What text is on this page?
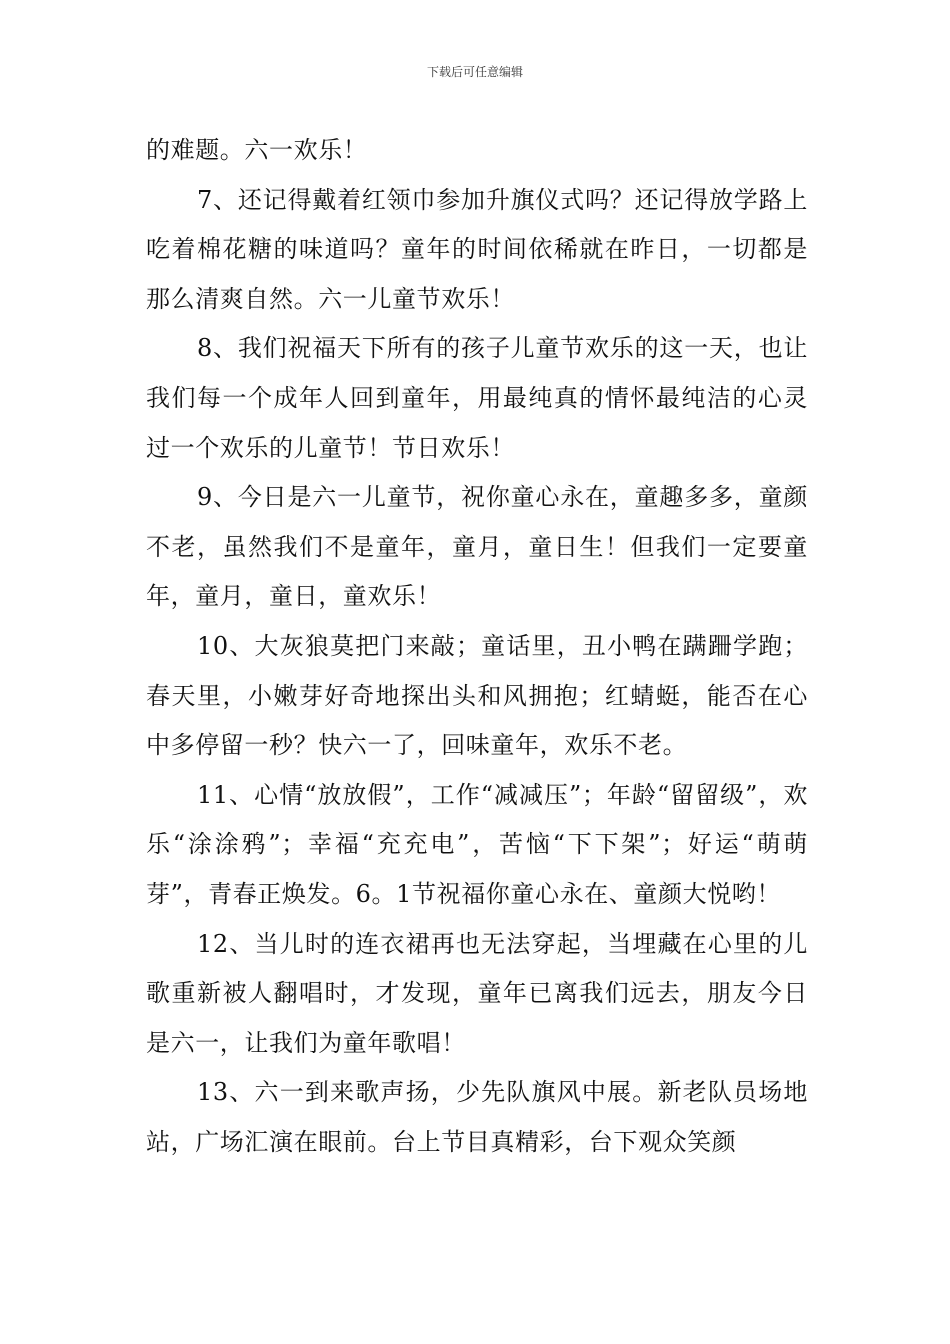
下载后可任意编辑

的难题。六一欢乐！

7、还记得戴着红领巾参加升旗仪式吗？还记得放学路上吃着棉花糖的味道吗？童年的时间依稀就在昨日，一切都是那么清爽自然。六一儿童节欢乐！

8、我们祝福天下所有的孩子儿童节欢乐的这一天，也让我们每一个成年人回到童年，用最纯真的情怀最纯洁的心灵过一个欢乐的儿童节！节日欢乐！

9、今日是六一儿童节，祝你童心永在，童趣多多，童颜不老，虽然我们不是童年，童月，童日生！但我们一定要童年，童月，童日，童欢乐！

10、大灰狼莫把门来敲；童话里，丑小鸭在蹒跚学跑；春天里，小嫩芽好奇地探出头和风拥抱；红蜻蜓，能否在心中多停留一秒？快六一了，回味童年，欢乐不老。

11、心情“放放假”，工作“减减压”；年龄“留留级”，欢乐“涂涂鸦”；幸福“充充电”，苦恼“下下架”；好运“萌萌芽”，青春正焕发。6。1节祝福你童心永在、童颜大悦哟！

12、当儿时的连衣裙再也无法穿起，当埋藏在心里的儿歌重新被人翻唱时，才发现，童年已离我们远去，朋友今日是六一，让我们为童年歌唱！

13、六一到来歌声扬，少先队旗风中展。新老队员场地站，广场汇演在眼前。台上节目真精彩，台下观众笑颜
